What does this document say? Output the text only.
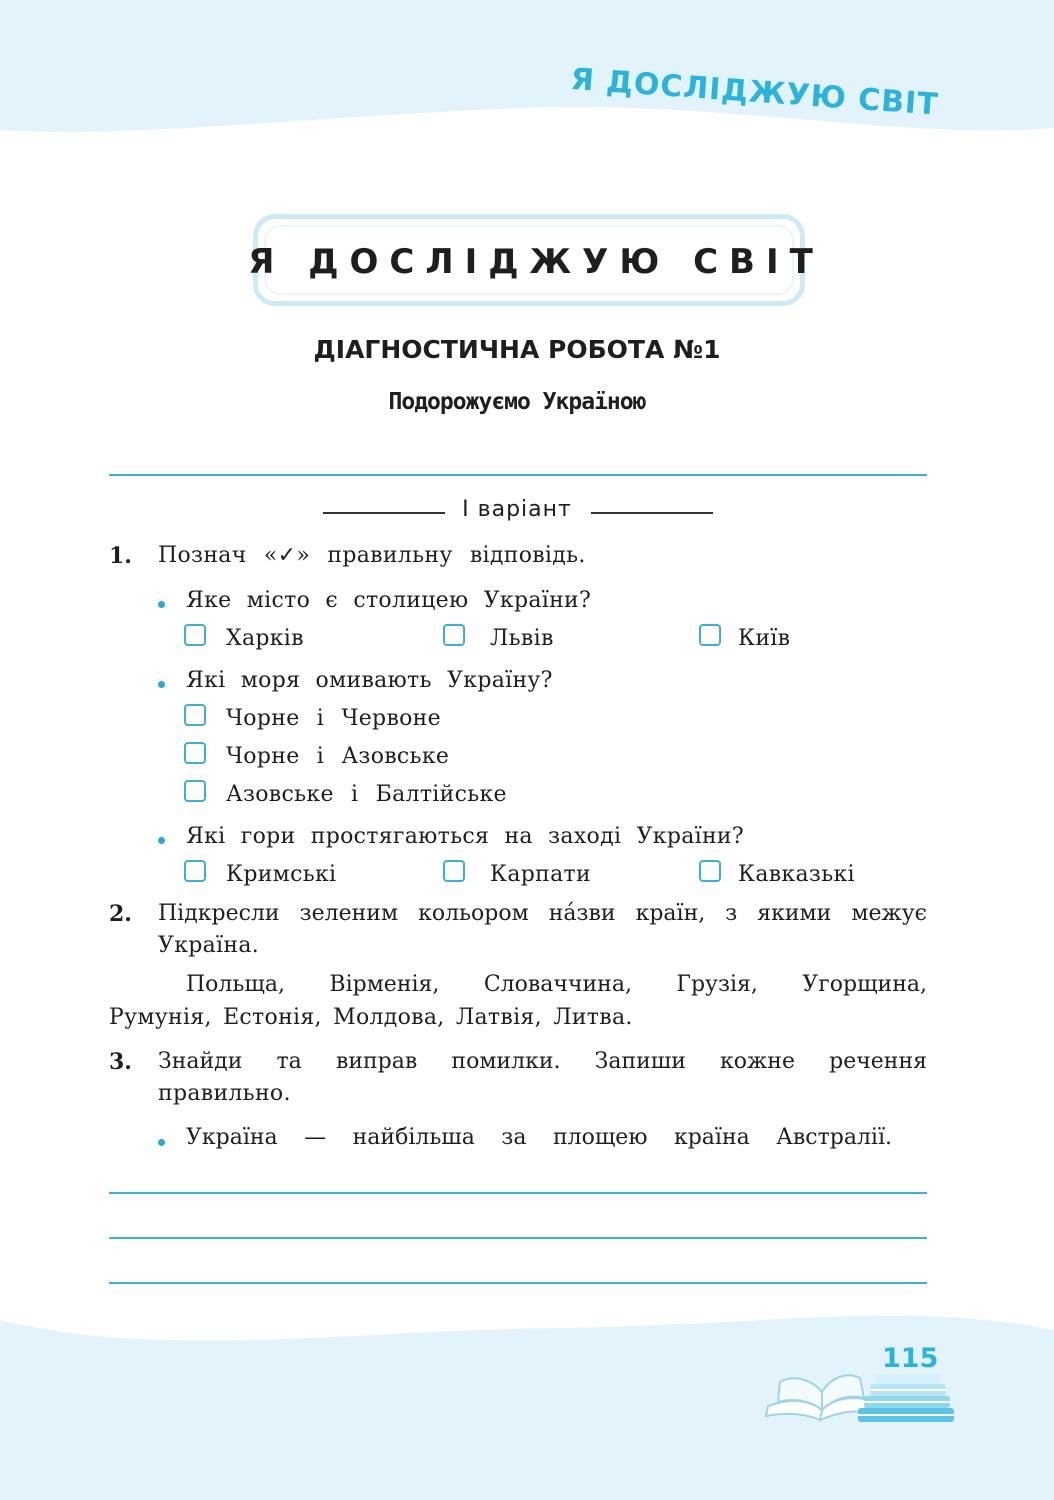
Я ДОСЛІДЖУЮ СВІТ
Я ДОСЛІДЖУЮ СВІТ
ДІАГНОСТИЧНА РОБОТА №1
Подорожуємо Україною
I варіант
1. Познач «✓» правильну відповідь.
Яке місто є столицею України?
Харків	Львів	Київ
Які моря омивають Україну?
Чорне і Червоне
Чорне і Азовське
Азовське і Балтійське
Які гори простягаються на заході України?
Кримські	Карпати	Кавказькі
2. Підкресли зеленим кольором на́зви країн, з якими межує
Україна.
Польща, Вірменія, Словаччина, Грузія, Угорщина,
Румунія, Естонія, Молдова, Латвія, Литва.
3. Знайди та виправ помилки. Запиши кожне речення
правильно.
Україна — найбільша за площею країна Австралії.
115
